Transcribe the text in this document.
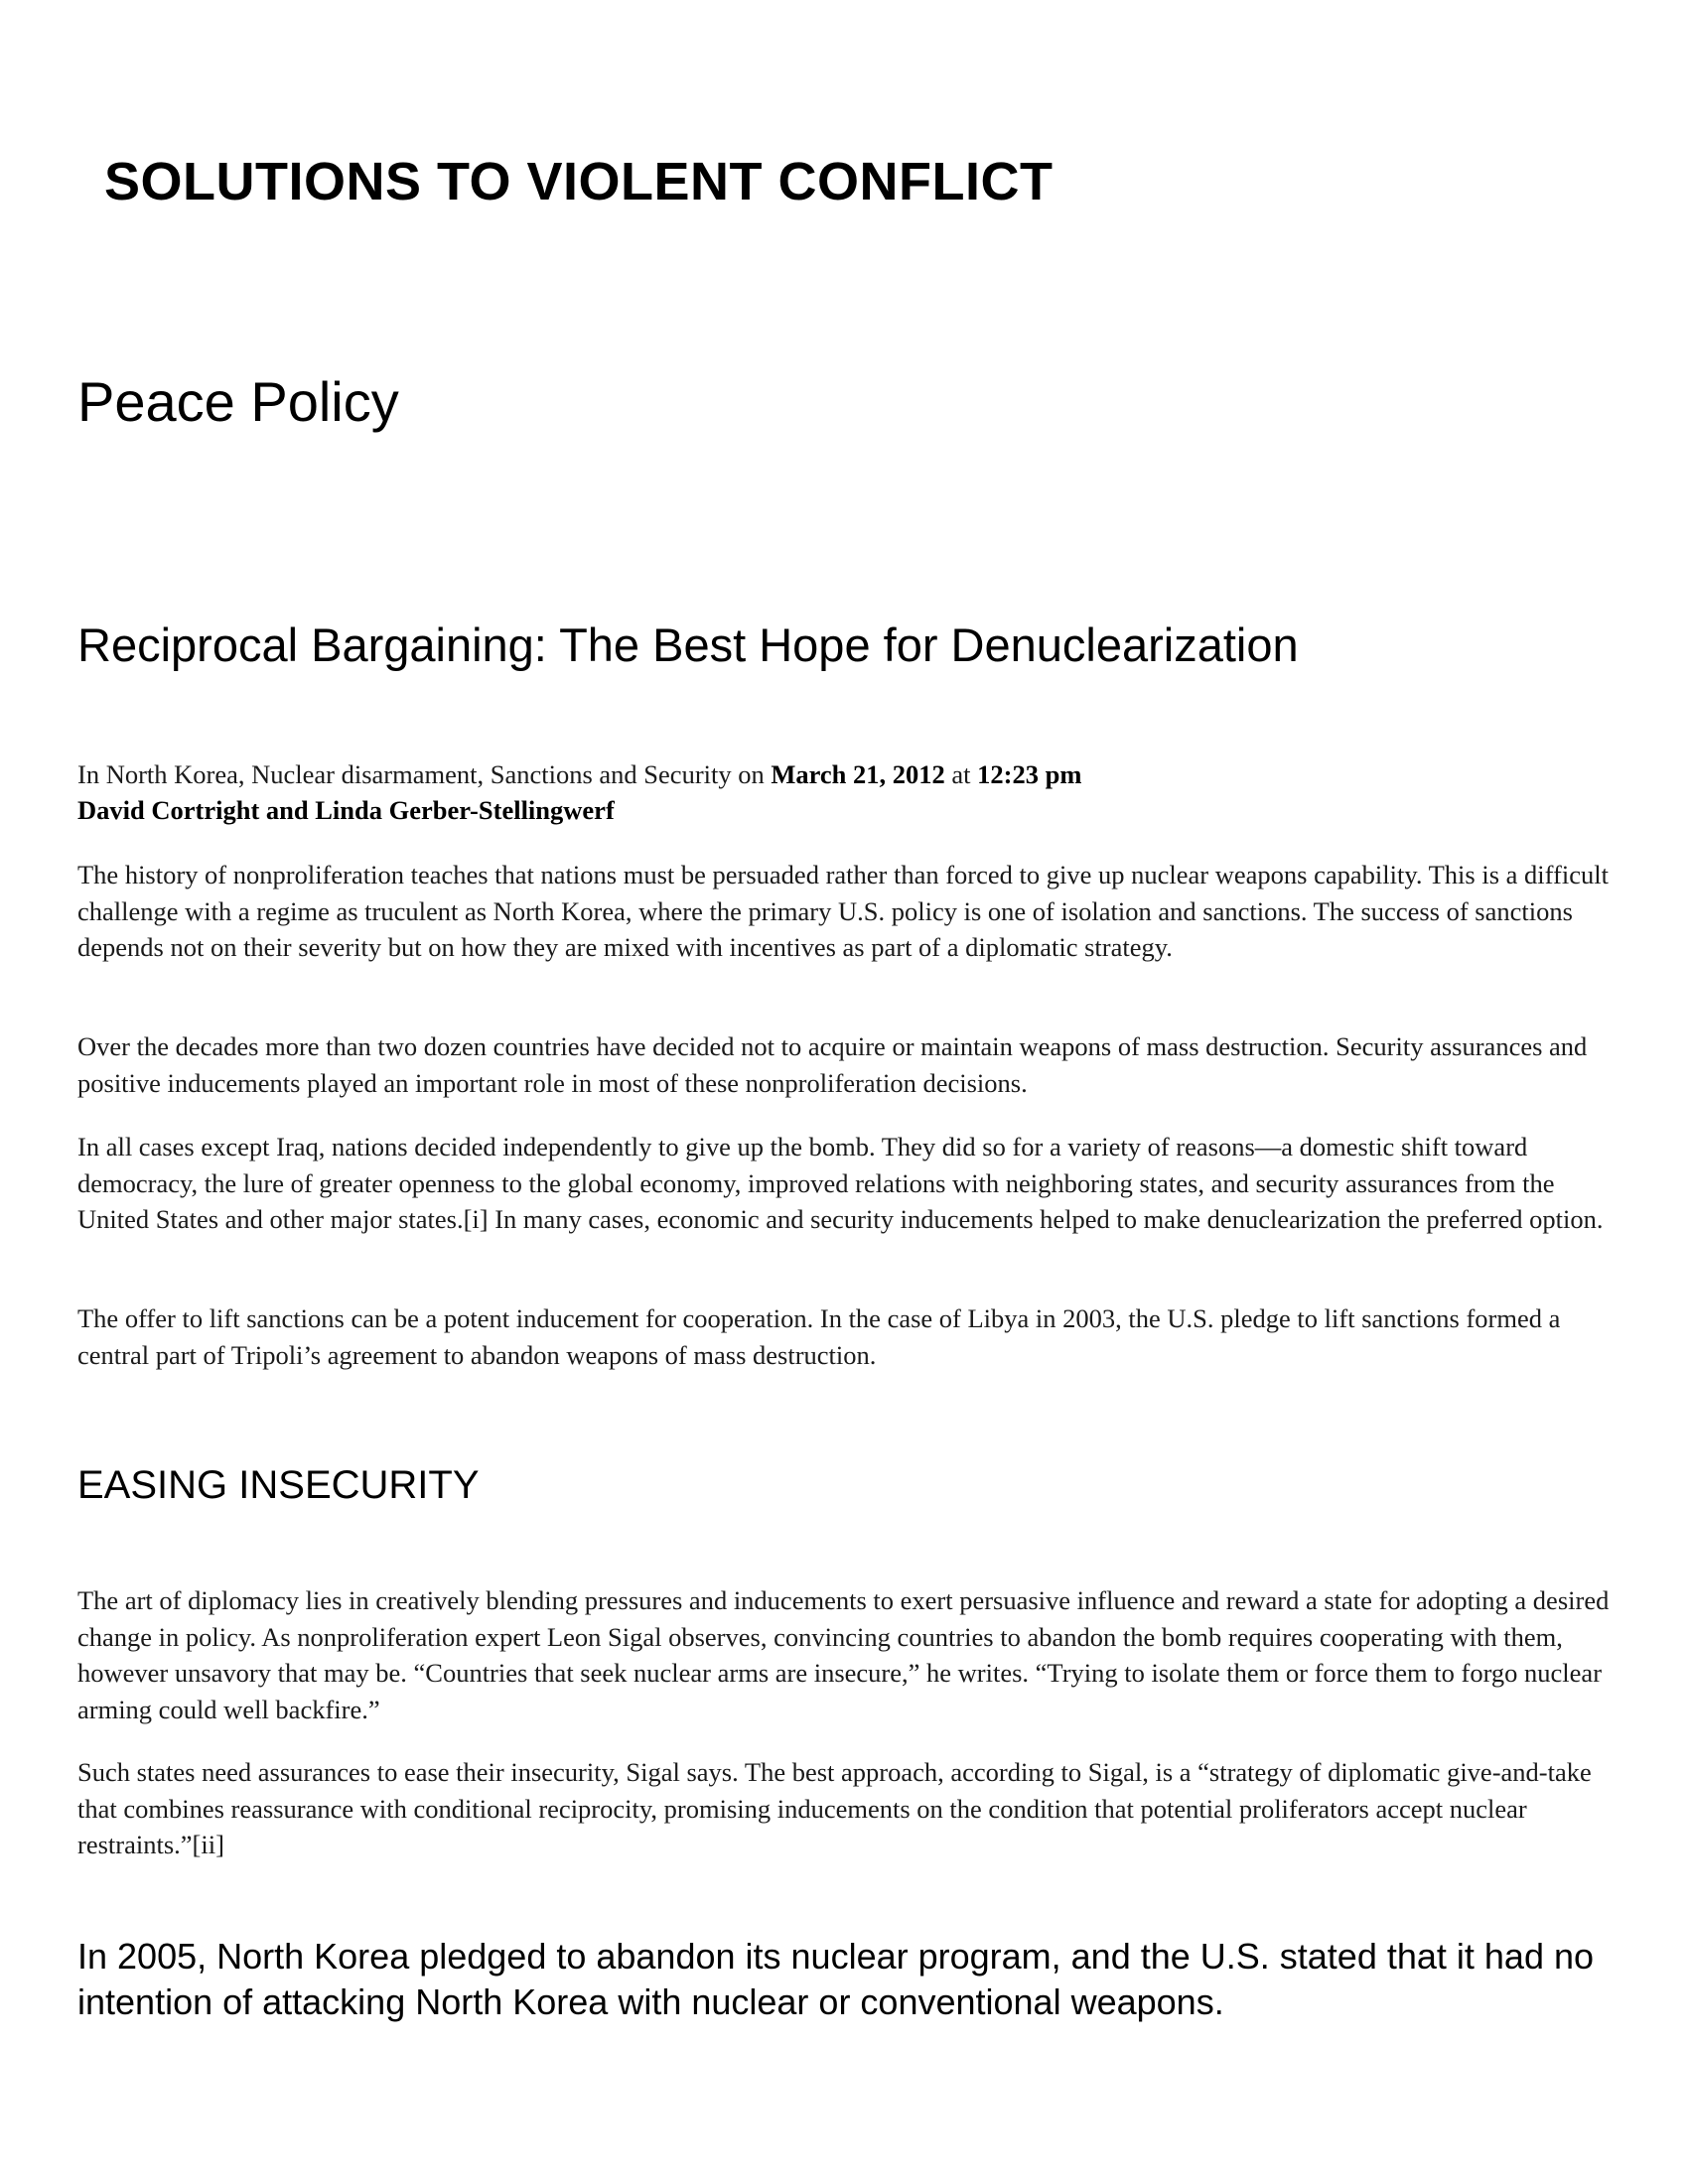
SOLUTIONS TO VIOLENT CONFLICT
Peace Policy
Reciprocal Bargaining: The Best Hope for Denuclearization
In North Korea, Nuclear disarmament, Sanctions and Security on March 21, 2012 at 12:23 pm
David Cortright and Linda Gerber-Stellingwerf

The history of nonproliferation teaches that nations must be persuaded rather than forced to give up nuclear weapons capability. This is a difficult challenge with a regime as truculent as North Korea, where the primary U.S. policy is one of isolation and sanctions. The success of sanctions depends not on their severity but on how they are mixed with incentives as part of a diplomatic strategy.

Over the decades more than two dozen countries have decided not to acquire or maintain weapons of mass destruction. Security assurances and positive inducements played an important role in most of these nonproliferation decisions.

In all cases except Iraq, nations decided independently to give up the bomb. They did so for a variety of reasons—a domestic shift toward democracy, the lure of greater openness to the global economy, improved relations with neighboring states, and security assurances from the United States and other major states.[i] In many cases, economic and security inducements helped to make denuclearization the preferred option.

The offer to lift sanctions can be a potent inducement for cooperation. In the case of Libya in 2003, the U.S. pledge to lift sanctions formed a central part of Tripoli’s agreement to abandon weapons of mass destruction.

EASING INSECURITY

The art of diplomacy lies in creatively blending pressures and inducements to exert persuasive influence and reward a state for adopting a desired change in policy. As nonproliferation expert Leon Sigal observes, convincing countries to abandon the bomb requires cooperating with them, however unsavory that may be. “Countries that seek nuclear arms are insecure,” he writes. “Trying to isolate them or force them to forgo nuclear arming could well backfire.”

Such states need assurances to ease their insecurity, Sigal says. The best approach, according to Sigal, is a “strategy of diplomatic give-and-take that combines reassurance with conditional reciprocity, promising inducements on the condition that potential proliferators accept nuclear restraints.”[ii]

In 2005, North Korea pledged to abandon its nuclear program, and the U.S. stated that it had no intention of attacking North Korea with nuclear or conventional weapons.
